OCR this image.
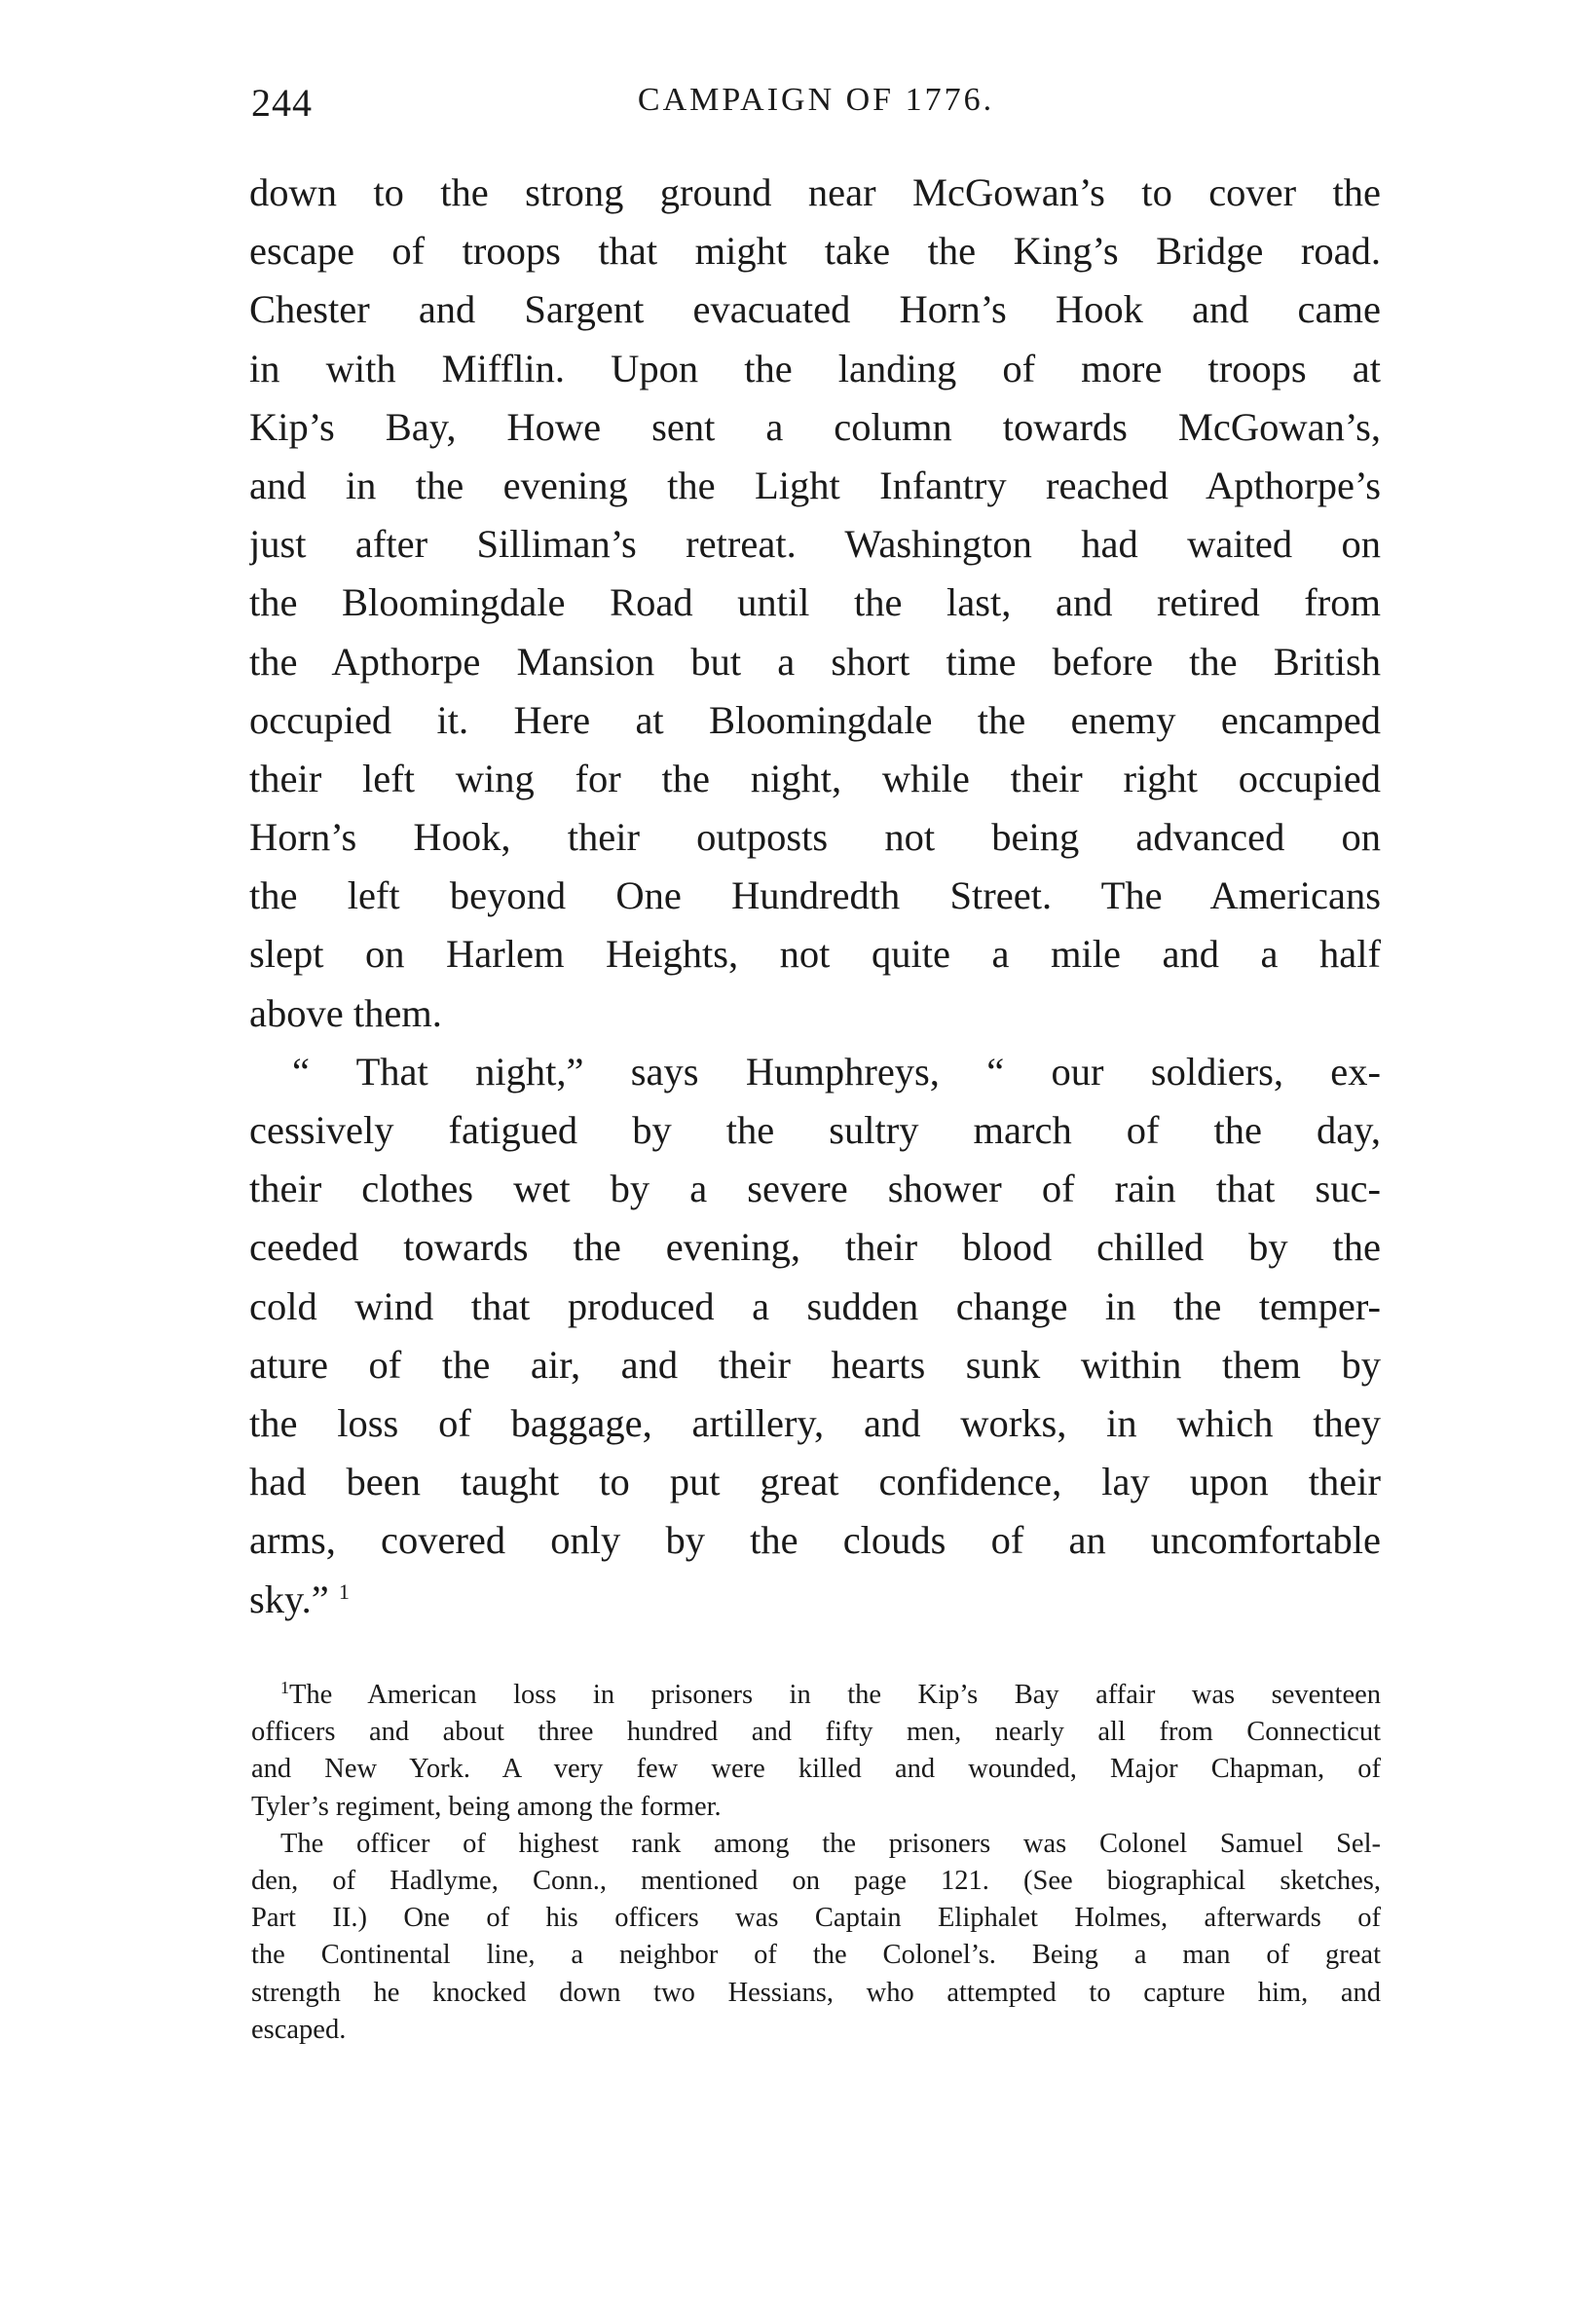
244	CAMPAIGN OF 1776.
down to the strong ground near McGowan’s to cover the
escape of troops that might take the King’s Bridge road.
Chester and Sargent evacuated Horn’s Hook and came
in with Mifflin. Upon the landing of more troops at
Kip’s Bay, Howe sent a column towards McGowan’s,
and in the evening the Light Infantry reached Apthorpe’s
just after Silliman’s retreat. Washington had waited on
the Bloomingdale Road until the last, and retired from
the Apthorpe Mansion but a short time before the British
occupied it. Here at Bloomingdale the enemy encamped
their left wing for the night, while their right occupied
Horn’s Hook, their outposts not being advanced on
the left beyond One Hundredth Street. The Americans
slept on Harlem Heights, not quite a mile and a half
above them.
“ That night,” says Humphreys, “ our soldiers, ex-
cessively fatigued by the sultry march of the day,
their clothes wet by a severe shower of rain that suc-
ceeded towards the evening, their blood chilled by the
cold wind that produced a sudden change in the temper-
ature of the air, and their hearts sunk within them by
the loss of baggage, artillery, and works, in which they
had been taught to put great confidence, lay upon their
arms, covered only by the clouds of an uncomfortable
sky.” $^1$
$^1$The American loss in prisoners in the Kip’s Bay affair was seventeen
officers and about three hundred and fifty men, nearly all from Connecticut
and New York. A very few were killed and wounded, Major Chapman, of
Tyler’s regiment, being among the former.
The officer of highest rank among the prisoners was Colonel Samuel Sel-
den, of Hadlyme, Conn., mentioned on page 121. (See biographical sketches,
Part II.) One of his officers was Captain Eliphalet Holmes, afterwards of
the Continental line, a neighbor of the Colonel’s. Being a man of great
strength he knocked down two Hessians, who attempted to capture him, and
escaped.
